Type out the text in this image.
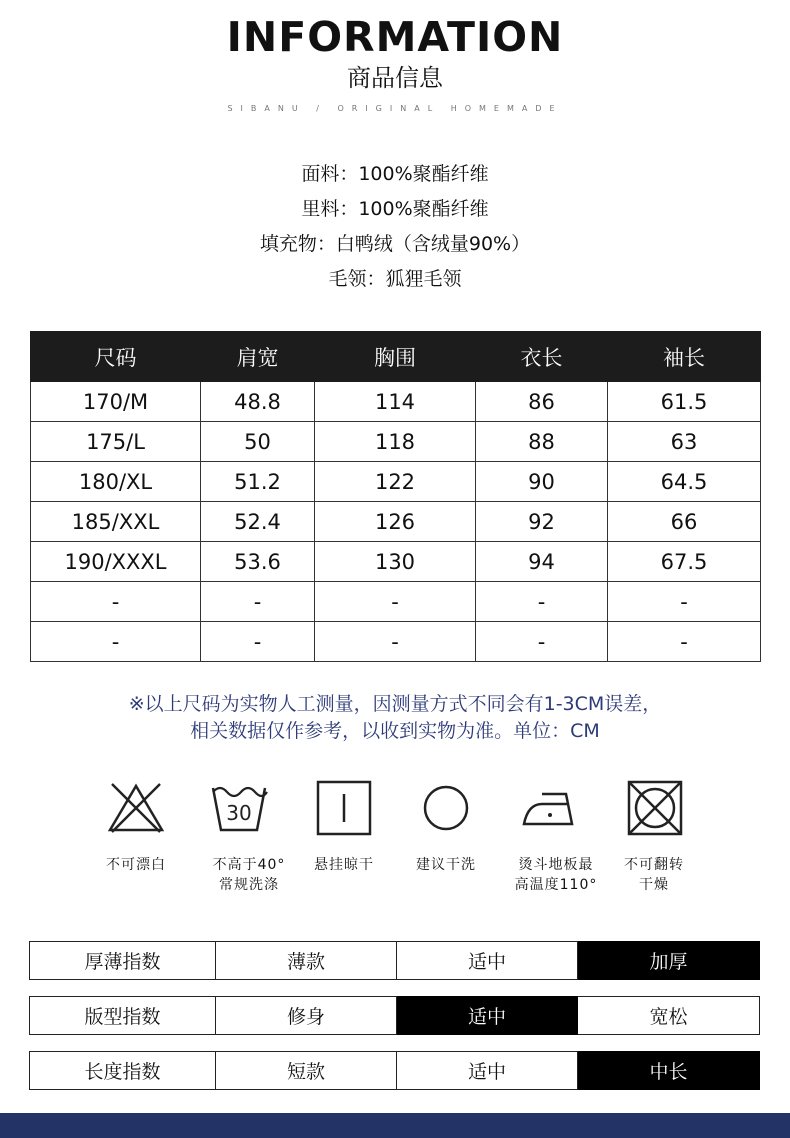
INFORMATION
商品信息
SIBANU / ORIGINAL HOMEMADE
面料：100%聚酯纤维
里料：100%聚酯纤维
填充物：白鸭绒（含绒量90%）
毛领：狐狸毛领
尺码	肩宽	胸围	衣长	袖长
170/M	48.8	114	86	61.5
175/L	50	118	88	63
180/XL	51.2	122	90	64.5
185/XXL	52.4	126	92	66
190/XXXL	53.6	130	94	67.5
-	-	-	-	-
-	-	-	-	-
※以上尺码为实物人工测量，因测量方式不同会有1-3CM误差，
相关数据仅作参考，以收到实物为准。单位：CM
30
不可漂白	不高于40°
常规洗涤
悬挂晾干	建议干洗	烫斗地板最
高温度110°
不可翻转
干燥
厚薄指数	薄款	适中	加厚
版型指数	修身	适中	宽松
长度指数	短款	适中	中长
